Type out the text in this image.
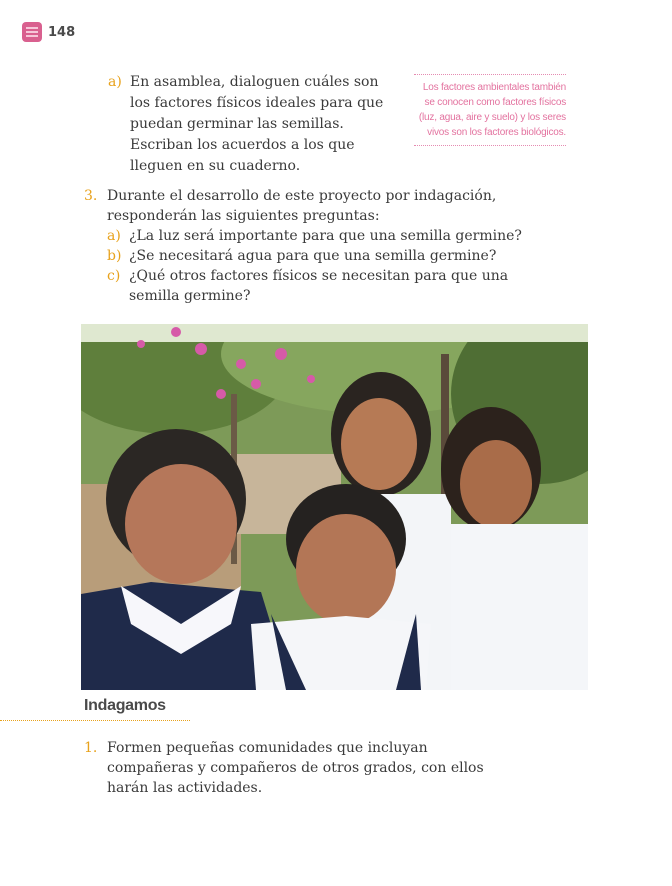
148
a) En asamblea, dialoguen cuáles son los factores físicos ideales para que puedan germinar las semillas. Escriban los acuerdos a los que lleguen en su cuaderno.
Los factores ambientales también se conocen como factores físicos (luz, agua, aire y suelo) y los seres vivos son los factores biológicos.
3. Durante el desarrollo de este proyecto por indagación, responderán las siguientes preguntas:
a) ¿La luz será importante para que una semilla germine?
b) ¿Se necesitará agua para que una semilla germine?
c) ¿Qué otros factores físicos se necesitan para que una semilla germine?
Indagamos
1. Formen pequeñas comunidades que incluyan compañeras y compañeros de otros grados, con ellos harán las actividades.
